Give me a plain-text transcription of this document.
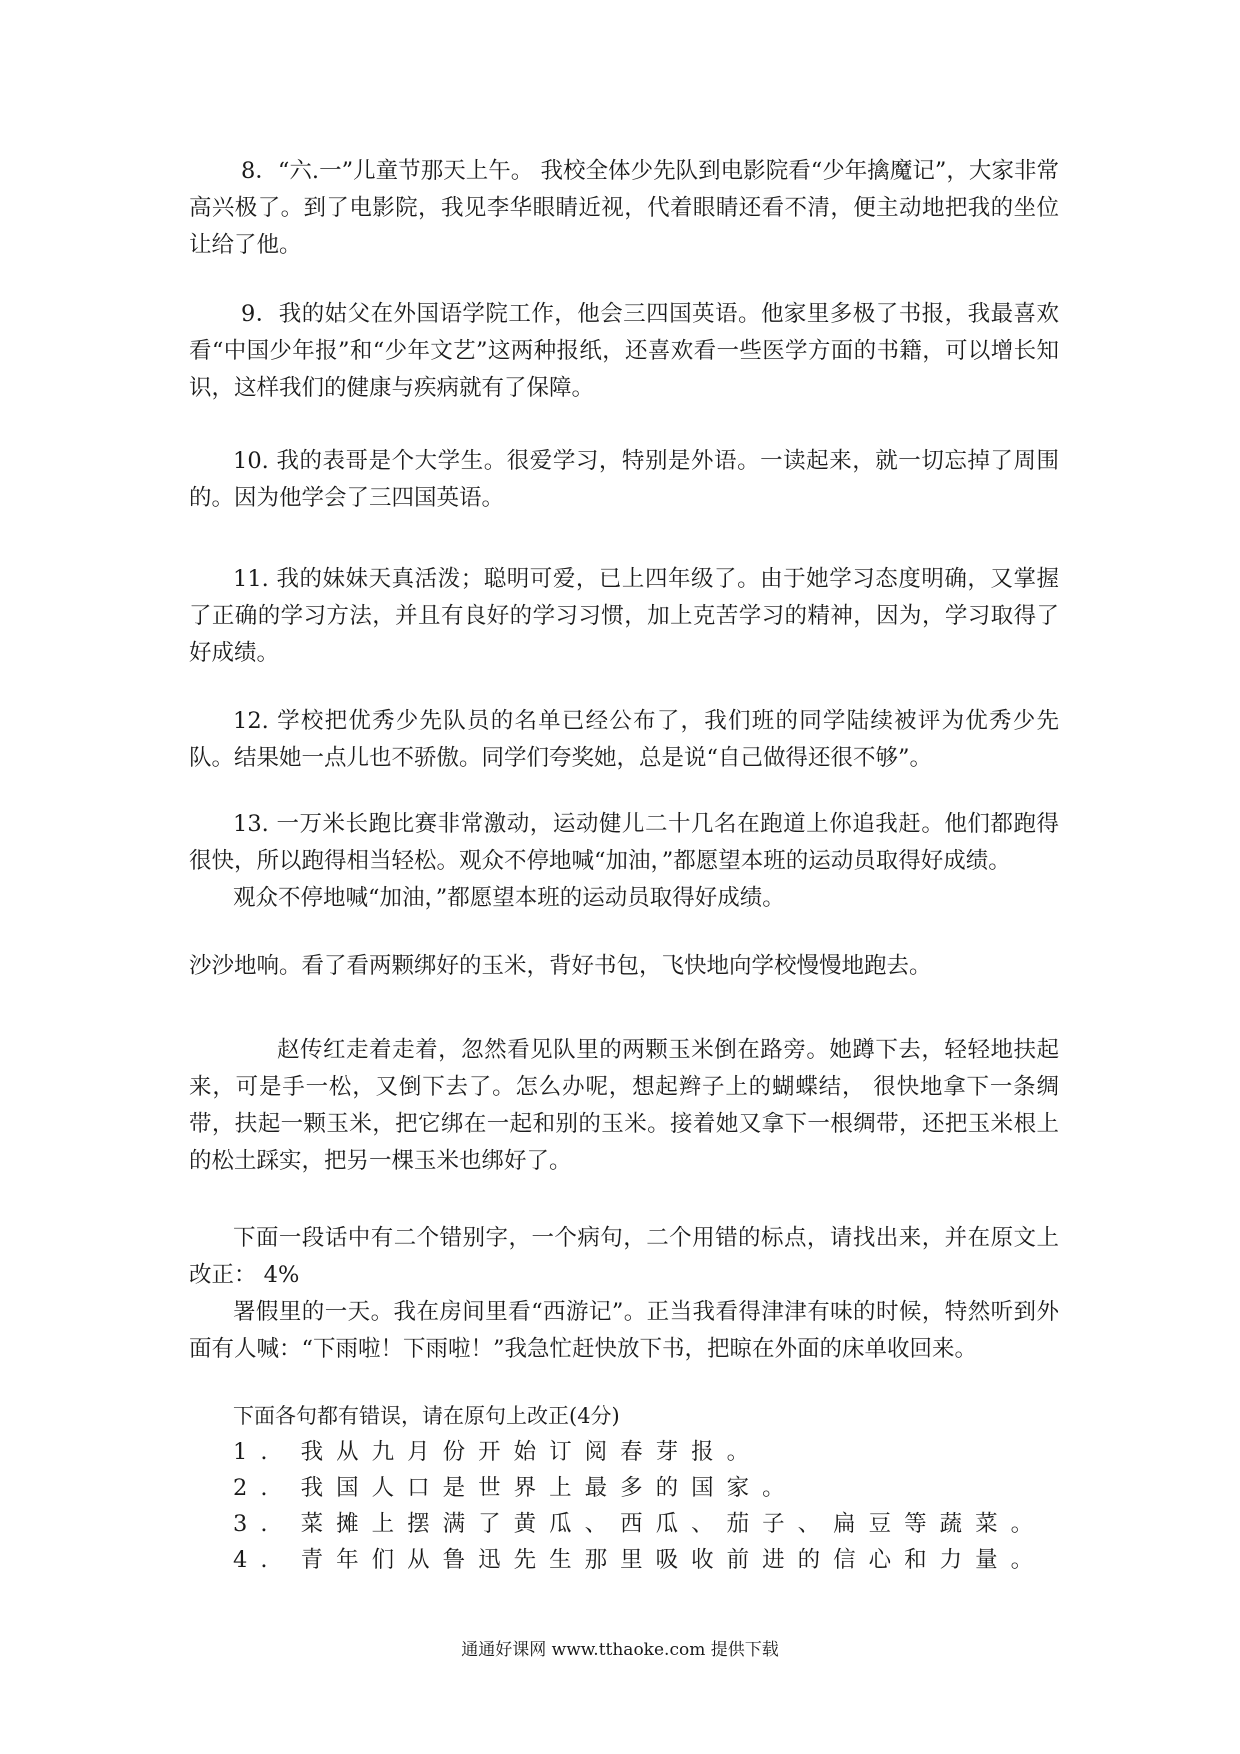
8．“六.一”儿童节那天上午。 我校全体少先队到电影院看“少年擒魔记”，大家非常高兴极了。到了电影院，我见李华眼睛近视，代着眼睛还看不清，便主动地把我的坐位让给了他。

9．我的姑父在外国语学院工作，他会三四国英语。他家里多极了书报，我最喜欢看“中国少年报”和“少年文艺”这两种报纸，还喜欢看一些医学方面的书籍，可以增长知识，这样我们的健康与疾病就有了保障。

10. 我的表哥是个大学生。很爱学习，特别是外语。一读起来，就一切忘掉了周围的。因为他学会了三四国英语。

11. 我的妹妹天真活泼；聪明可爱，已上四年级了。由于她学习态度明确，又掌握了正确的学习方法，并且有良好的学习习惯，加上克苦学习的精神，因为，学习取得了好成绩。

12. 学校把优秀少先队员的名单已经公布了，我们班的同学陆续被评为优秀少先队。结果她一点儿也不骄傲。同学们夸奖她，总是说“自己做得还很不够”。

13. 一万米长跑比赛非常激动，运动健儿二十几名在跑道上你追我赶。他们都跑得很快，所以跑得相当轻松。观众不停地喊“加油，”都愿望本班的运动员取得好成绩。

观众不停地喊“加油，”都愿望本班的运动员取得好成绩。

沙沙地响。看了看两颗绑好的玉米，背好书包，飞快地向学校慢慢地跑去。

赵传红走着走着，忽然看见队里的两颗玉米倒在路旁。她蹲下去，轻轻地扶起来，可是手一松，又倒下去了。怎么办呢，想起辫子上的蝴蝶结， 很快地拿下一条绸带，扶起一颗玉米，把它绑在一起和别的玉米。接着她又拿下一根绸带，还把玉米根上的松土踩实，把另一棵玉米也绑好了。

下面一段话中有二个错别字，一个病句，二个用错的标点，请找出来，并在原文上改正： 4%

署假里的一天。我在房间里看“西游记”。正当我看得津津有味的时候，特然听到外面有人喊：“下雨啦！下雨啦！”我急忙赶快放下书，把晾在外面的床单收回来。

下面各句都有错误，请在原句上改正(4分)

1. 我从九月份开始订阅春芽报。

2. 我国人口是世界上最多的国家。

3. 菜摊上摆满了黄瓜、西瓜、茄子、扁豆等蔬菜。

4. 青年们从鲁迅先生那里吸收前进的信心和力量。

通通好课网 www.tthaoke.com 提供下载
